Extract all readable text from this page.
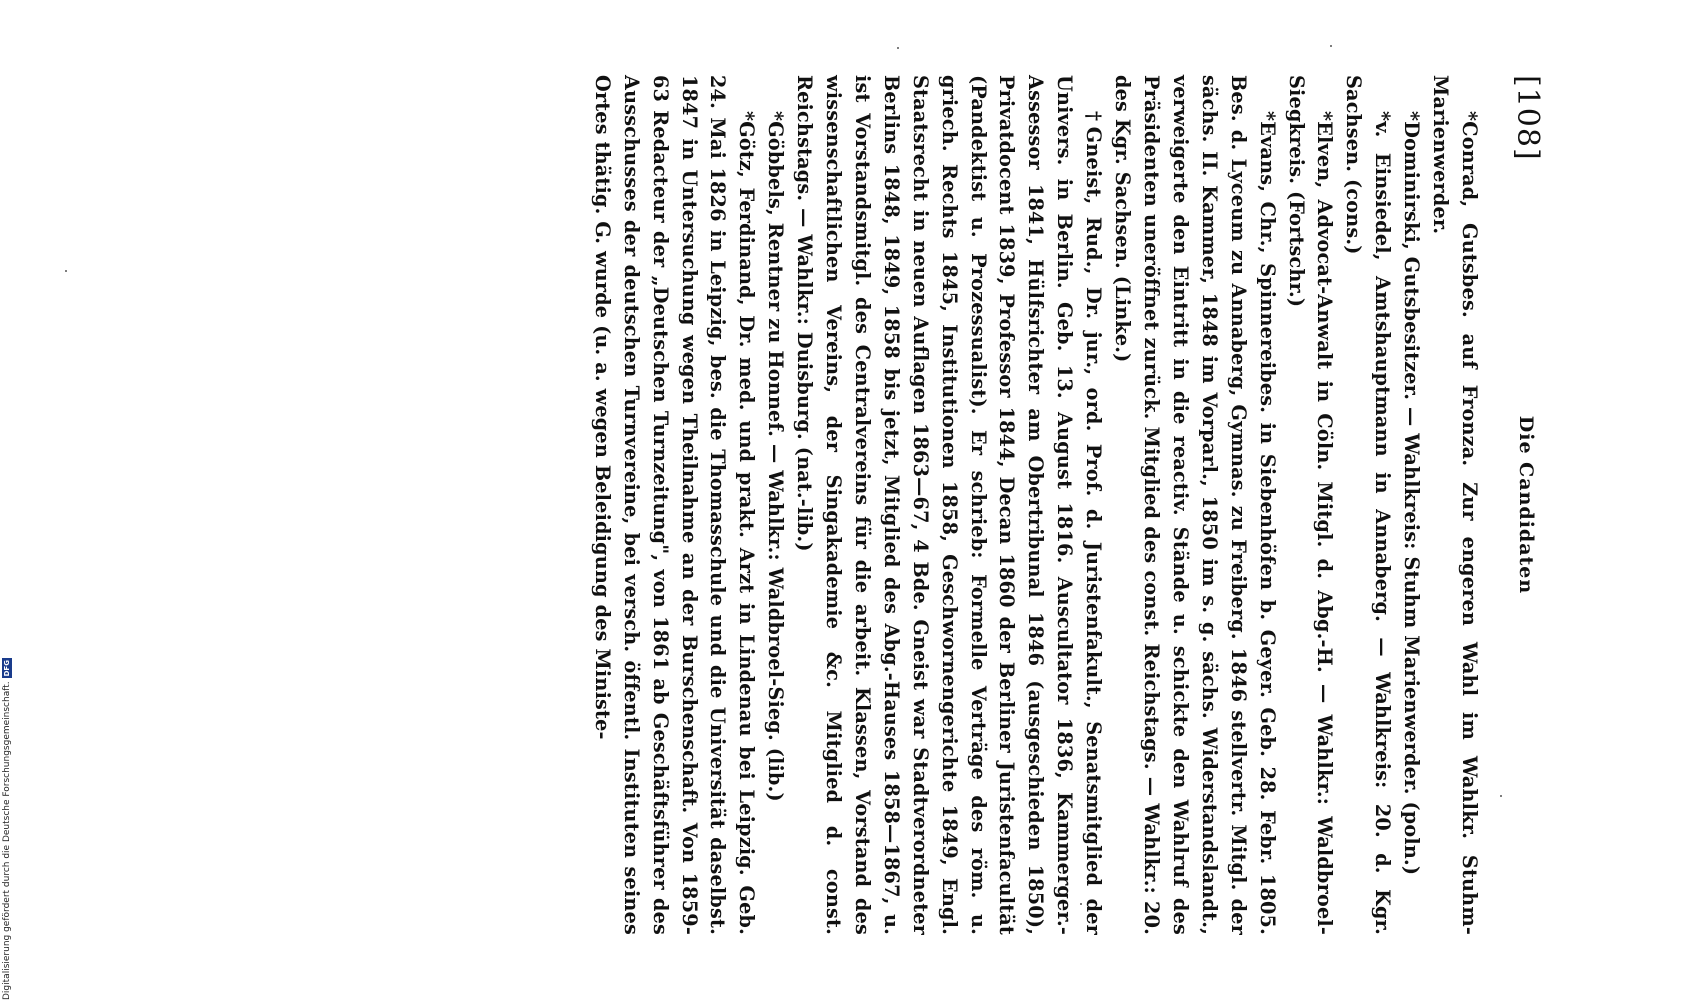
[108]
Die Candidaten

*Conrad, Gutsbes. auf Fronza. Zur engeren Wahl im Wahlkr. Stuhm-Marienwerder.

*Dominirski, Gutsbesitzer. — Wahlkreis: Stuhm Marienwerder. (poln.)

*v. Einsiedel, Amtshauptmann in Annaberg. — Wahlkreis: 20. d. Kgr. Sachsen. (cons.)

*Elven, Advocat-Anwalt in Cöln. Mitgl. d. Abg.-H. — Wahlkr.: Waldbroel-Siegkreis. (Fortschr.)

*Evans, Chr., Spinnereibes. in Siebenhöfen b. Geyer. Geb. 28. Febr. 1805. Bes. d. Lyceum zu Annaberg, Gymnas. zu Freiberg. 1846 stellvertr. Mitgl. der sächs. II. Kammer, 1848 im Vorparl., 1850 im s. g. sächs. Widerstandslandt., verweigerte den Eintritt in die reactiv. Stände u. schickte den Wahlruf des Präsidenten uneröffnet zurück. Mitglied des const. Reichstags. — Wahlkr.: 20. des Kgr. Sachsen. (Linke.)

†Gneist, Rud., Dr. jur., ord. Prof. d. Juristenfakult., Senatsmitglied der Univers. in Berlin. Geb. 13. August 1816. Auscultator 1836, Kammerger.-Assessor 1841, Hülfsrichter am Obertribunal 1846 (ausgeschieden 1850), Privatdocent 1839, Professor 1844, Decan 1860 der Berliner Juristenfacultät (Pandektist u. Prozessualist). Er schrieb: Formelle Verträge des röm. u. griech. Rechts 1845, Institutionen 1858, Geschwornengerichte 1849, Engl. Staatsrecht in neuen Auflagen 1863—67, 4 Bde. Gneist war Stadtverordneter Berlins 1848, 1849, 1858 bis jetzt, Mitglied des Abg.-Hauses 1858—1867, u. ist Vorstandsmitgl. des Centralvereins für die arbeit. Klassen, Vorstand des wissenschaftlichen Vereins, der Singakademie &c. Mitglied d. const. Reichstags. — Wahlkr.: Duisburg. (nat.-lib.)

*Göbbels, Rentner zu Honnef. — Wahlkr.: Waldbroel-Sieg. (lib.)

*Götz, Ferdinand, Dr. med. und prakt. Arzt in Lindenau bei Leipzig. Geb. 24. Mai 1826 in Leipzig, bes. die Thomasschule und die Universität daselbst. 1847 in Untersuchung wegen Theilnahme an der Burschenschaft. Von 1859-63 Redacteur der „Deutschen Turnzeitung", von 1861 ab Geschäftsführer des Ausschusses der deutschen Turnvereine, bei versch. öffentl. Instituten seines Ortes thätig. G. wurde (u. a. wegen Beleidigung des Ministe-

Digitalisierung gefördert durch die Deutsche Forschungsgemeinschaft.
DFG
